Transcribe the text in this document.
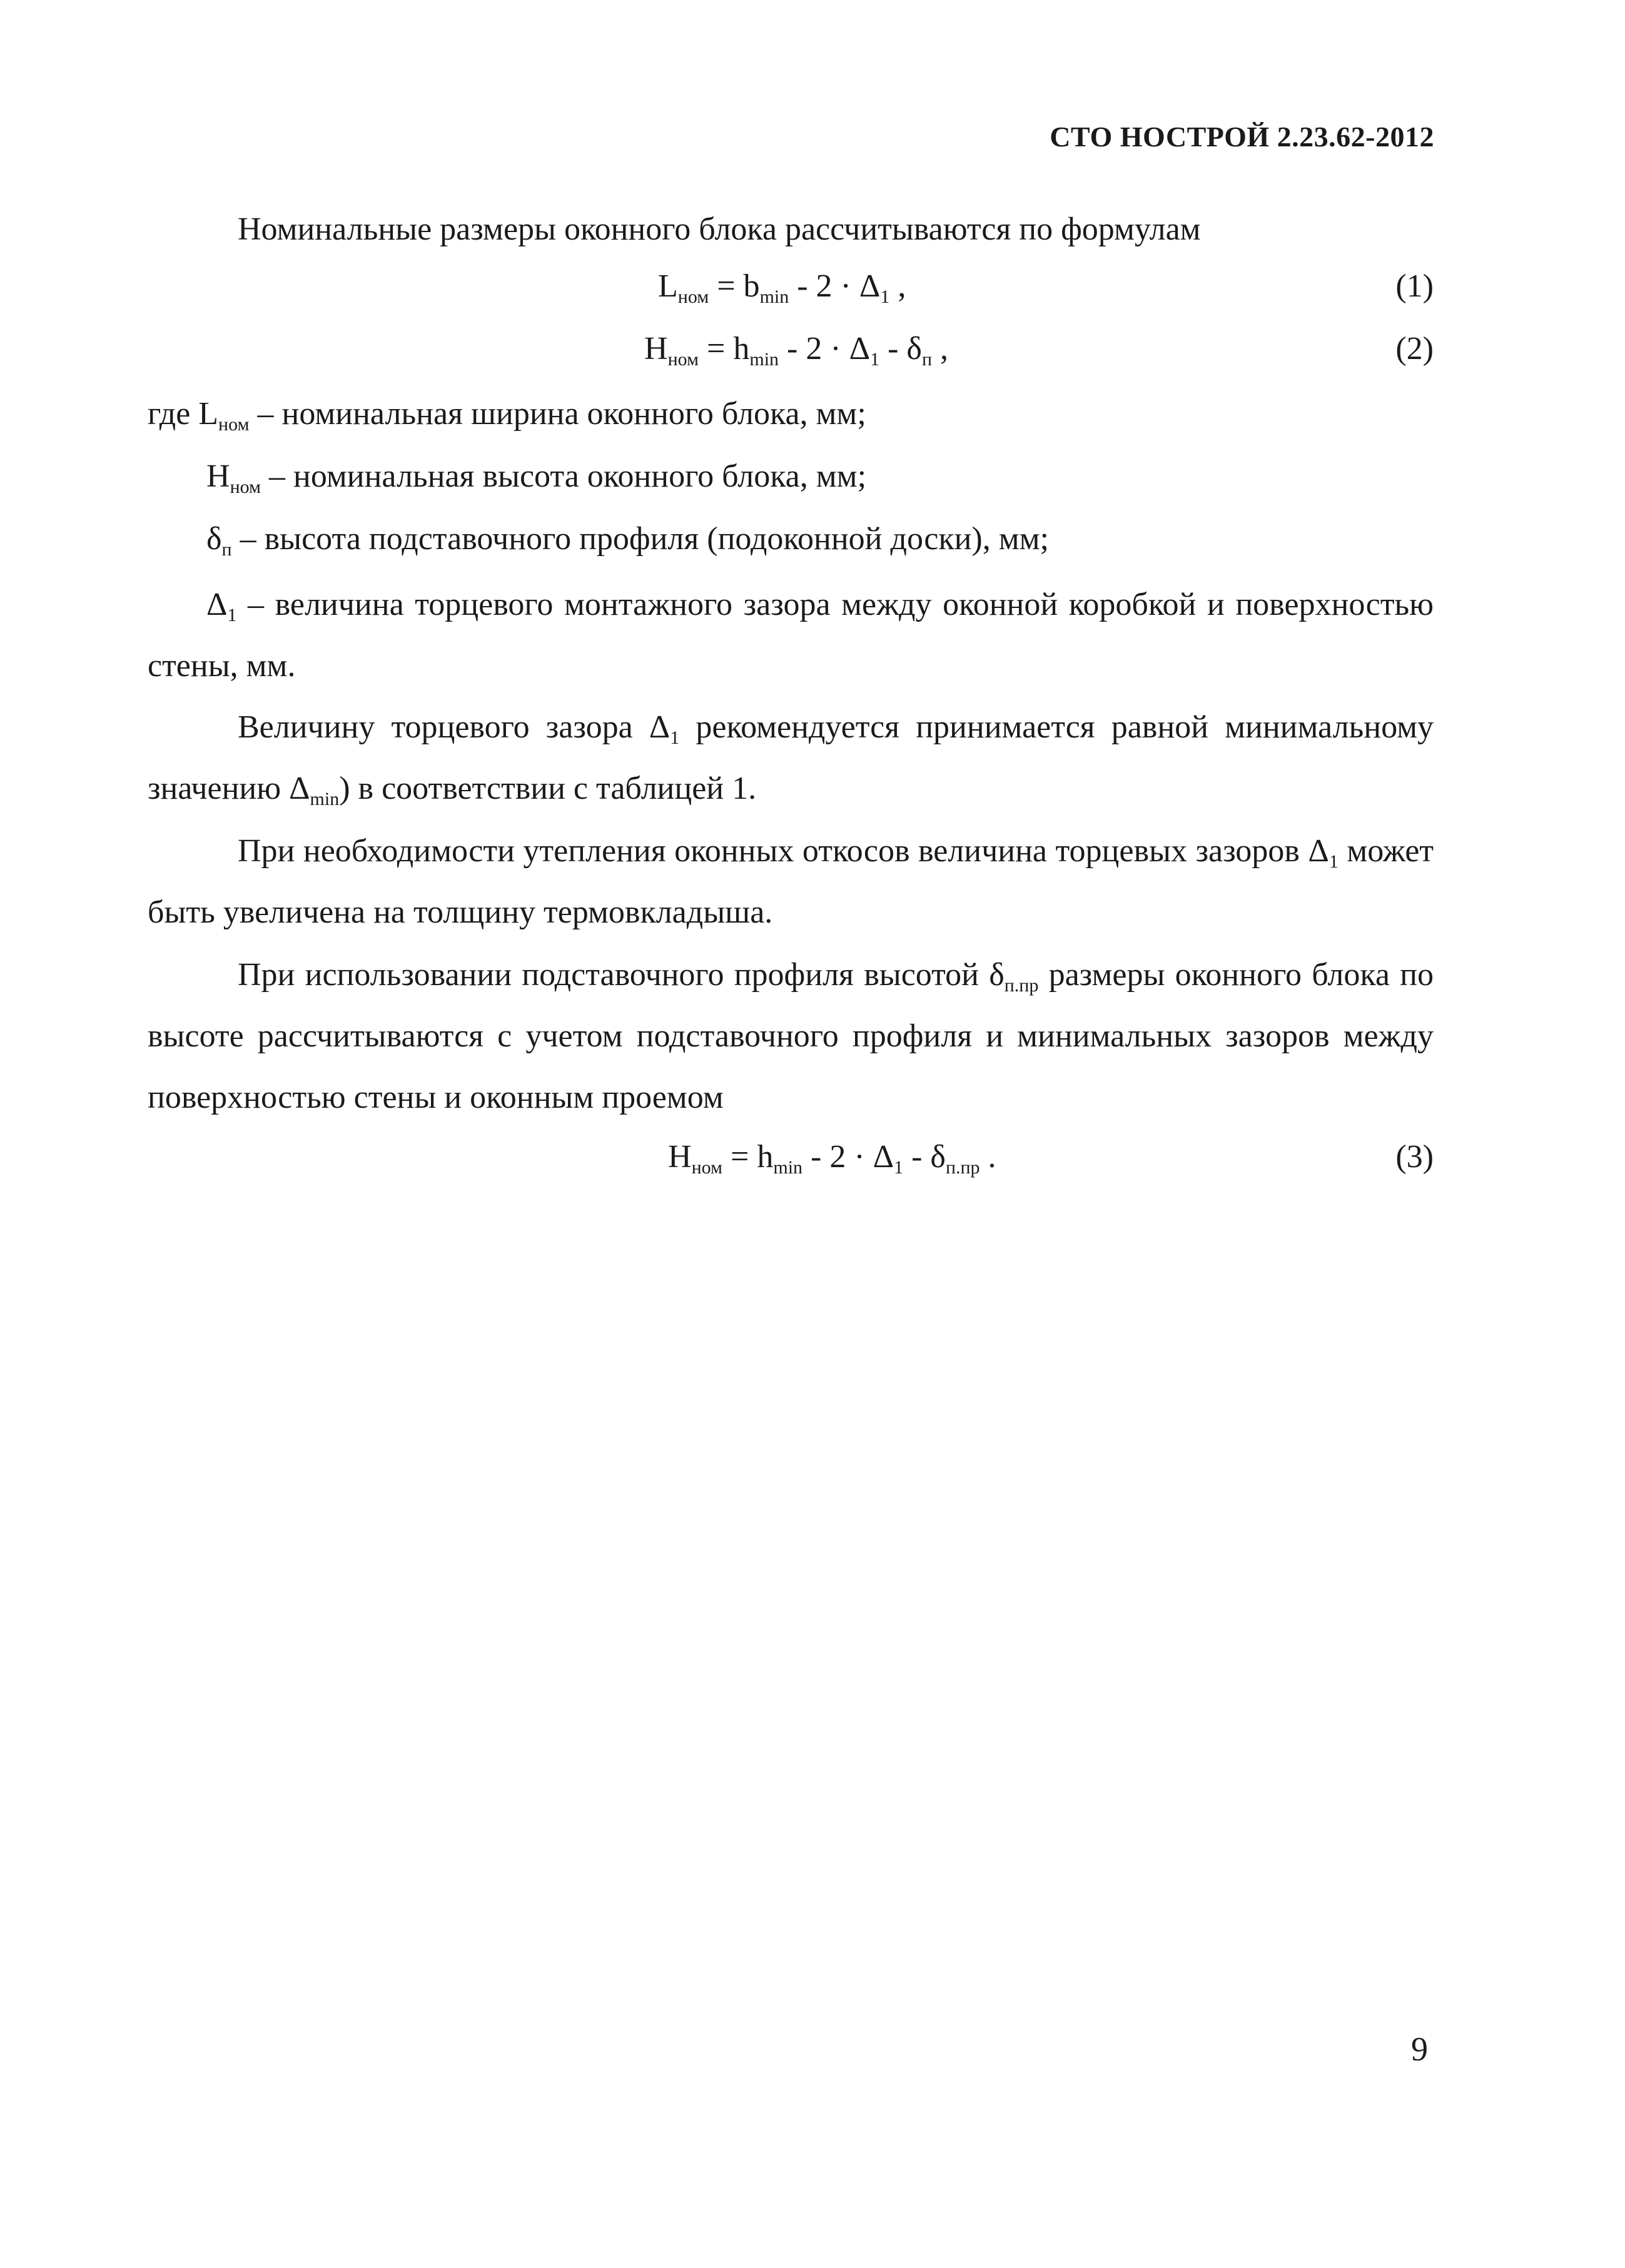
СТО НОСТРОЙ 2.23.62-2012
Номинальные размеры оконного блока рассчитываются по формулам
$L_{ном} = b_{min} - 2 \cdot \Delta_1$ ,	(1)
$H_{ном} = h_{min} - 2 \cdot \Delta_1 - \delta_п$ ,	(2)
где $L_{ном}$ – номинальная ширина оконного блока, мм;
$H_{ном}$ – номинальная высота оконного блока, мм;
$\delta_п$ – высота подставочного профиля (подоконной доски), мм;
$\Delta_1$ – величина торцевого монтажного зазора между оконной коробкой и поверхностью стены, мм.
Величину торцевого зазора $\Delta_1$ рекомендуется принимается равной минимальному значению $\Delta_{min}$) в соответствии с таблицей 1.
При необходимости утепления оконных откосов величина торцевых зазоров $\Delta_1$ может быть увеличена на толщину термовкладыша.
При использовании подставочного профиля высотой $\delta_{п.пр}$ размеры оконного блока по высоте рассчитываются с учетом подставочного профиля и минимальных зазоров между поверхностью стены и оконным проемом
$H_{ном} = h_{min} - 2 \cdot \Delta_1 - \delta_{п.пр}$ .	(3)
9
